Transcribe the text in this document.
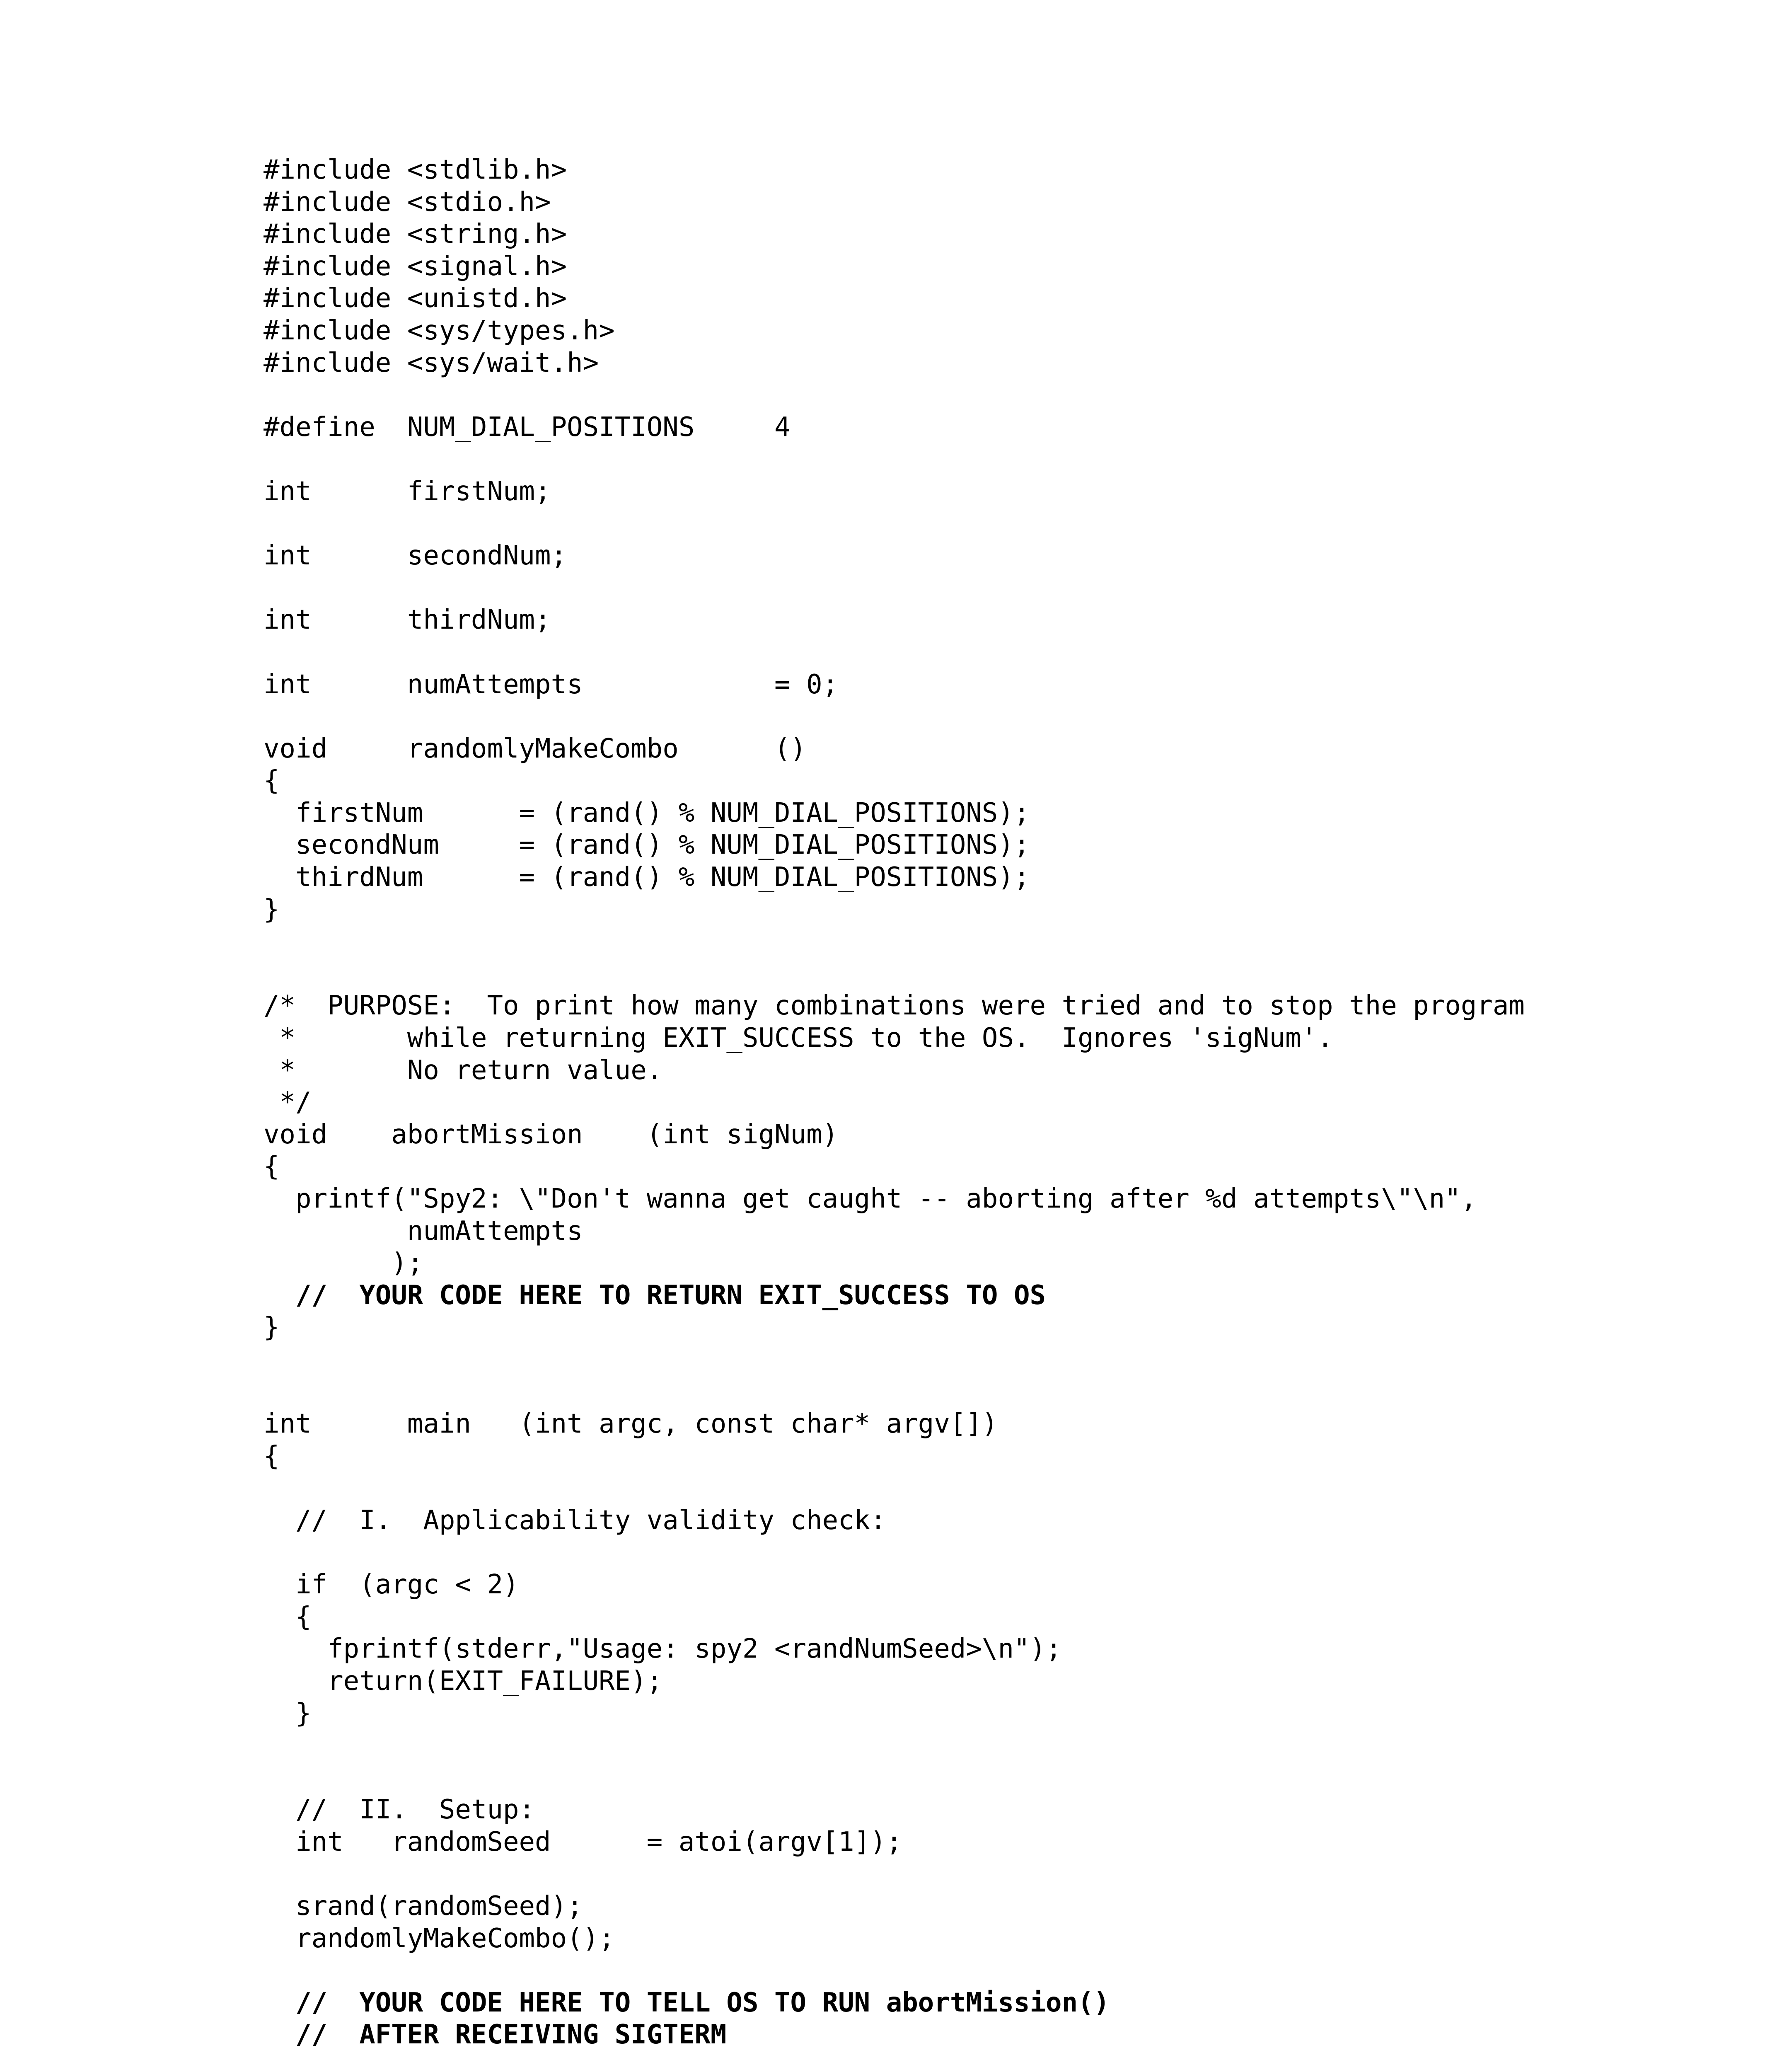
#include <stdlib.h>
#include <stdio.h>
#include <string.h>
#include <signal.h>
#include <unistd.h>
#include <sys/types.h>
#include <sys/wait.h>
#define  NUM_DIAL_POSITIONS     4
int      firstNum;
int      secondNum;
int      thirdNum;
int      numAttempts            = 0;
void     randomlyMakeCombo      ()
{
firstNum      = (rand() % NUM_DIAL_POSITIONS);
secondNum     = (rand() % NUM_DIAL_POSITIONS);
thirdNum      = (rand() % NUM_DIAL_POSITIONS);
}
/*  PURPOSE:  To print how many combinations were tried and to stop the program
*       while returning EXIT_SUCCESS to the OS.  Ignores 'sigNum'.
*       No return value.
*/
void    abortMission    (int sigNum)
{
printf("Spy2: \"Don't wanna get caught -- aborting after %d attempts\"\n",
numAttempts
);
//  YOUR CODE HERE TO RETURN EXIT_SUCCESS TO OS
}
int      main   (int argc, const char* argv[])
{
//  I.  Applicability validity check:
if  (argc < 2)
{
fprintf(stderr,"Usage: spy2 <randNumSeed>\n");
return(EXIT_FAILURE);
}
//  II.  Setup:
int   randomSeed      = atoi(argv[1]);
srand(randomSeed);
randomlyMakeCombo();
//  YOUR CODE HERE TO TELL OS TO RUN abortMission()
//  AFTER RECEIVING SIGTERM
